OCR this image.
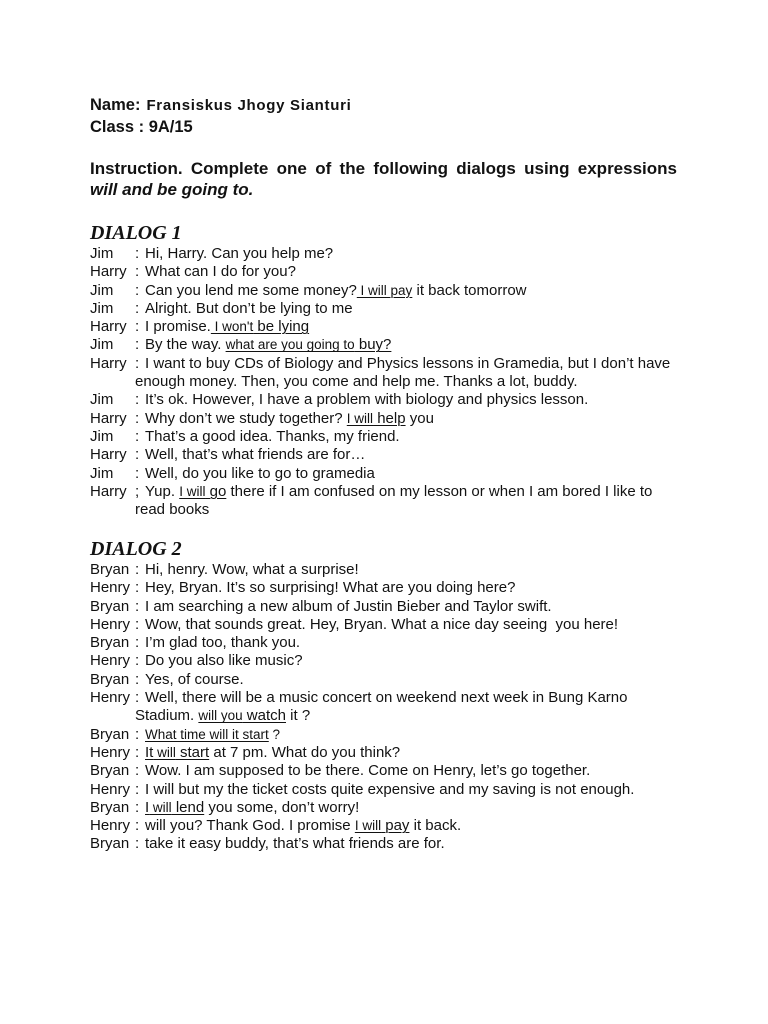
Name: Fransiskus Jhogy Sianturi
Class : 9A/15
Instruction. Complete one of the following dialogs using expressions
will and be going to.
DIALOG 1
Jim : Hi, Harry. Can you help me?
Harry : What can I do for you?
Jim : Can you lend me some money? I will pay it back tomorrow
Jim : Alright. But don’t be lying to me
Harry : I promise. I won't be lying
Jim : By the way. what are you going to buy?
Harry : I want to buy CDs of Biology and Physics lessons in Gramedia, but I don’t have
enough money. Then, you come and help me. Thanks a lot, buddy.
Jim : It’s ok. However, I have a problem with biology and physics lesson.
Harry : Why don’t we study together? I will help you
Jim : That’s a good idea. Thanks, my friend.
Harry : Well, that’s what friends are for…
Jim : Well, do you like to go to gramedia
Harry ; Yup. I will go there if I am confused on my lesson or when I am bored I like to
read books
DIALOG 2
Bryan : Hi, henry. Wow, what a surprise!
Henry : Hey, Bryan. It’s so surprising! What are you doing here?
Bryan : I am searching a new album of Justin Bieber and Taylor swift.
Henry : Wow, that sounds great. Hey, Bryan. What a nice day seeing  you here!
Bryan : I’m glad too, thank you.
Henry : Do you also like music?
Bryan : Yes, of course.
Henry : Well, there will be a music concert on weekend next week in Bung Karno
Stadium. will you watch it ?
Bryan : What time will it start ?
Henry : It will start at 7 pm. What do you think?
Bryan : Wow. I am supposed to be there. Come on Henry, let’s go together.
Henry : I will but my the ticket costs quite expensive and my saving is not enough.
Bryan : I will lend you some, don’t worry!
Henry : will you? Thank God. I promise I will pay it back.
Bryan : take it easy buddy, that’s what friends are for.
